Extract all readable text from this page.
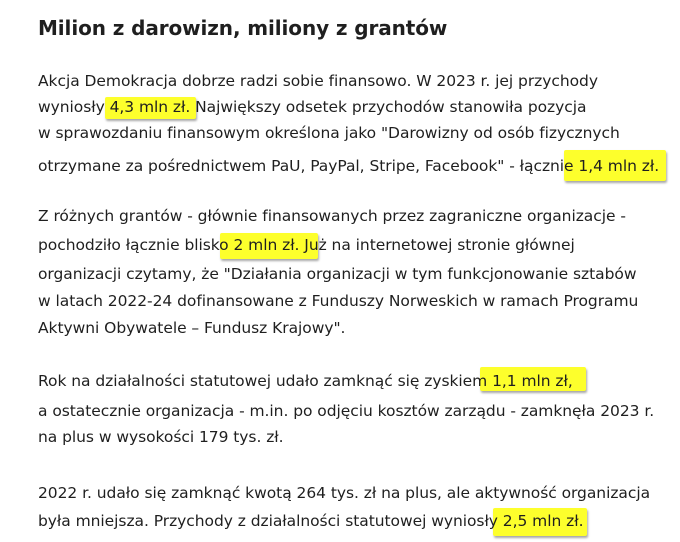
Milion z darowizn, miliony z grantów

Akcja Demokracja dobrze radzi sobie finansowo. W 2023 r. jej przychody

wyniosły 4,3 mln zł. Największy odsetek przychodów stanowiła pozycja

w sprawozdaniu finansowym określona jako "Darowizny od osób fizycznych

otrzymane za pośrednictwem PaU, PayPal, Stripe, Facebook" - łącznie 1,4 mln zł.

Z różnych grantów - głównie finansowanych przez zagraniczne organizacje -

pochodziło łącznie blisko 2 mln zł. Już na internetowej stronie głównej

organizacji czytamy, że "Działania organizacji w tym funkcjonowanie sztabów

w latach 2022-24 dofinansowane z Funduszy Norweskich w ramach Programu

Aktywni Obywatele – Fundusz Krajowy".

Rok na działalności statutowej udało zamknąć się zyskiem 1,1 mln zł,

a ostatecznie organizacja - m.in. po odjęciu kosztów zarządu - zamknęła 2023 r.

na plus w wysokości 179 tys. zł.

2022 r. udało się zamknąć kwotą 264 tys. zł na plus, ale aktywność organizacja

była mniejsza. Przychody z działalności statutowej wyniosły 2,5 mln zł.
